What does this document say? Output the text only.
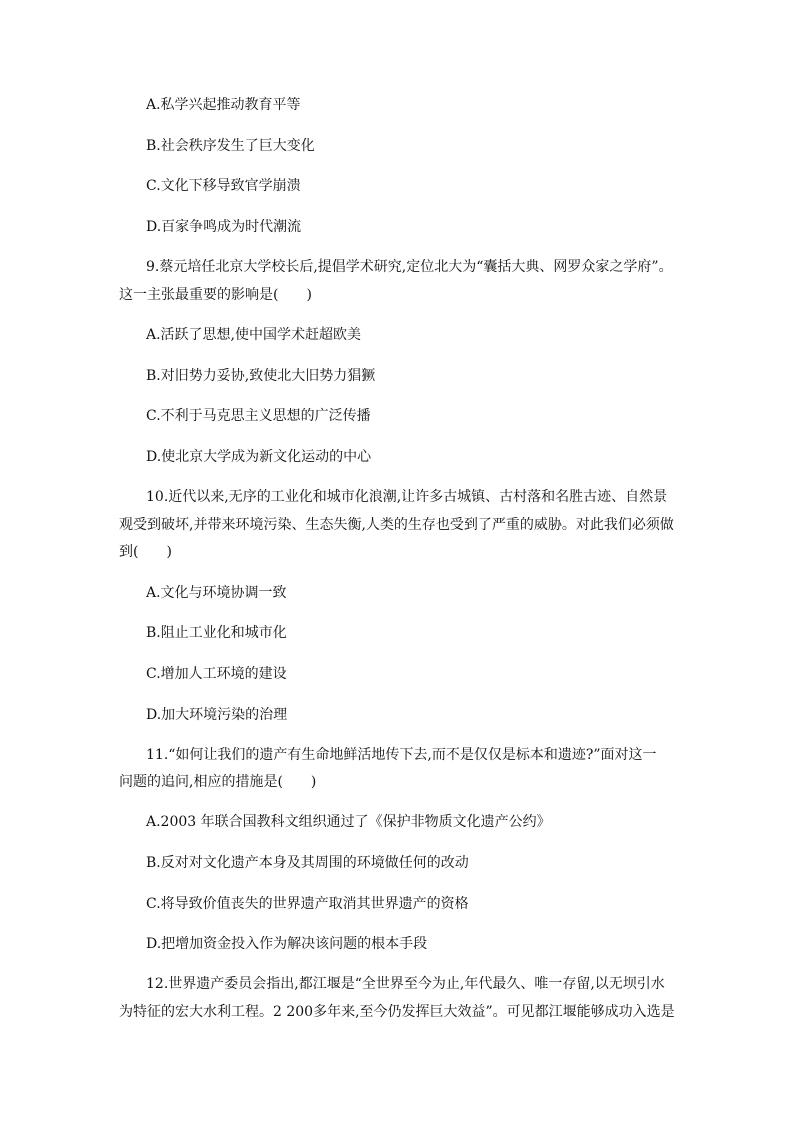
A.私学兴起推动教育平等

B.社会秩序发生了巨大变化

C.文化下移导致官学崩溃

D.百家争鸣成为时代潮流

9.蔡元培任北京大学校长后,提倡学术研究,定位北大为“囊括大典、网罗众家之学府”。

这一主张最重要的影响是(　　)

A.活跃了思想,使中国学术赶超欧美

B.对旧势力妥协,致使北大旧势力猖獗

C.不利于马克思主义思想的广泛传播

D.使北京大学成为新文化运动的中心

10.近代以来,无序的工业化和城市化浪潮,让许多古城镇、古村落和名胜古迹、自然景

观受到破坏,并带来环境污染、生态失衡,人类的生存也受到了严重的威胁。对此我们必须做

到(　　)

A.文化与环境协调一致

B.阻止工业化和城市化

C.增加人工环境的建设

D.加大环境污染的治理

11.“如何让我们的遗产有生命地鲜活地传下去,而不是仅仅是标本和遗迹?”面对这一

问题的追问,相应的措施是(　　)

A.2003 年联合国教科文组织通过了《保护非物质文化遗产公约》

B.反对对文化遗产本身及其周围的环境做任何的改动

C.将导致价值丧失的世界遗产取消其世界遗产的资格

D.把增加资金投入作为解决该问题的根本手段

12.世界遗产委员会指出,都江堰是“全世界至今为止,年代最久、唯一存留,以无坝引水

为特征的宏大水利工程。2 200多年来,至今仍发挥巨大效益”。可见都江堰能够成功入选是
